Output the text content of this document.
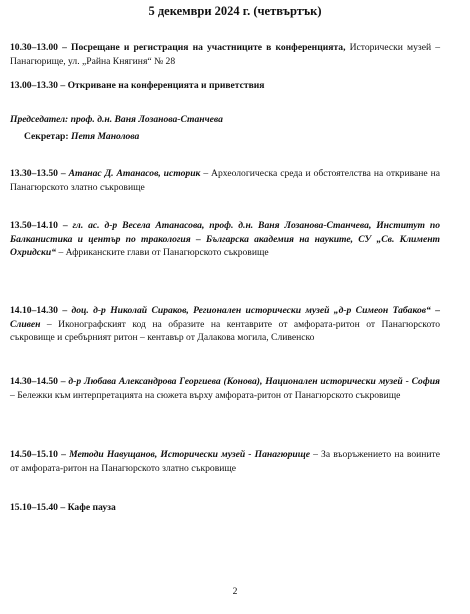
5 декември 2024 г. (четвъртък)
10.30–13.00 – Посрещане и регистрация на участниците в конференцията, Исторически музей – Панагюрище, ул. „Райна Княгиня“ № 28
13.00–13.30 – Откриване на конференцията и приветствия
Председател: проф. д.н. Ваня Лозанова-Станчева
Секретар: Петя Манолова
13.30–13.50 – Атанас Д. Атанасов, историк – Археологическа среда и обстоятелства на откриване на Панагюрското златно съкровище
13.50–14.10 – гл. ас. д-р Весела Атанасова, проф. д.н. Ваня Лозанова-Станчева, Институт по Балканистика и център по тракология – Българска академия на науките, СУ „Св. Климент Охридски“ – Африканските глави от Панагюрското съкровище
14.10–14.30 – доц. д-р Николай Сираков, Регионален исторически музей „д-р Симеон Табаков“ – Сливен – Иконографският код на образите на кентаврите от амфората-ритон от Панагюрското съкровище и сребърният ритон – кентавър от Далакова могила, Сливенско
14.30–14.50 – д-р Любава Александрова Георгиева (Конова), Национален исторически музей - София – Бележки към интерпретацията на сюжета върху амфората-ритон от Панагюрското съкровище
14.50–15.10 – Методи Навущанов, Исторически музей - Панагюрище – За въоръжението на воините от амфората-ритон на Панагюрското златно съкровище
15.10–15.40 – Кафе пауза
2
